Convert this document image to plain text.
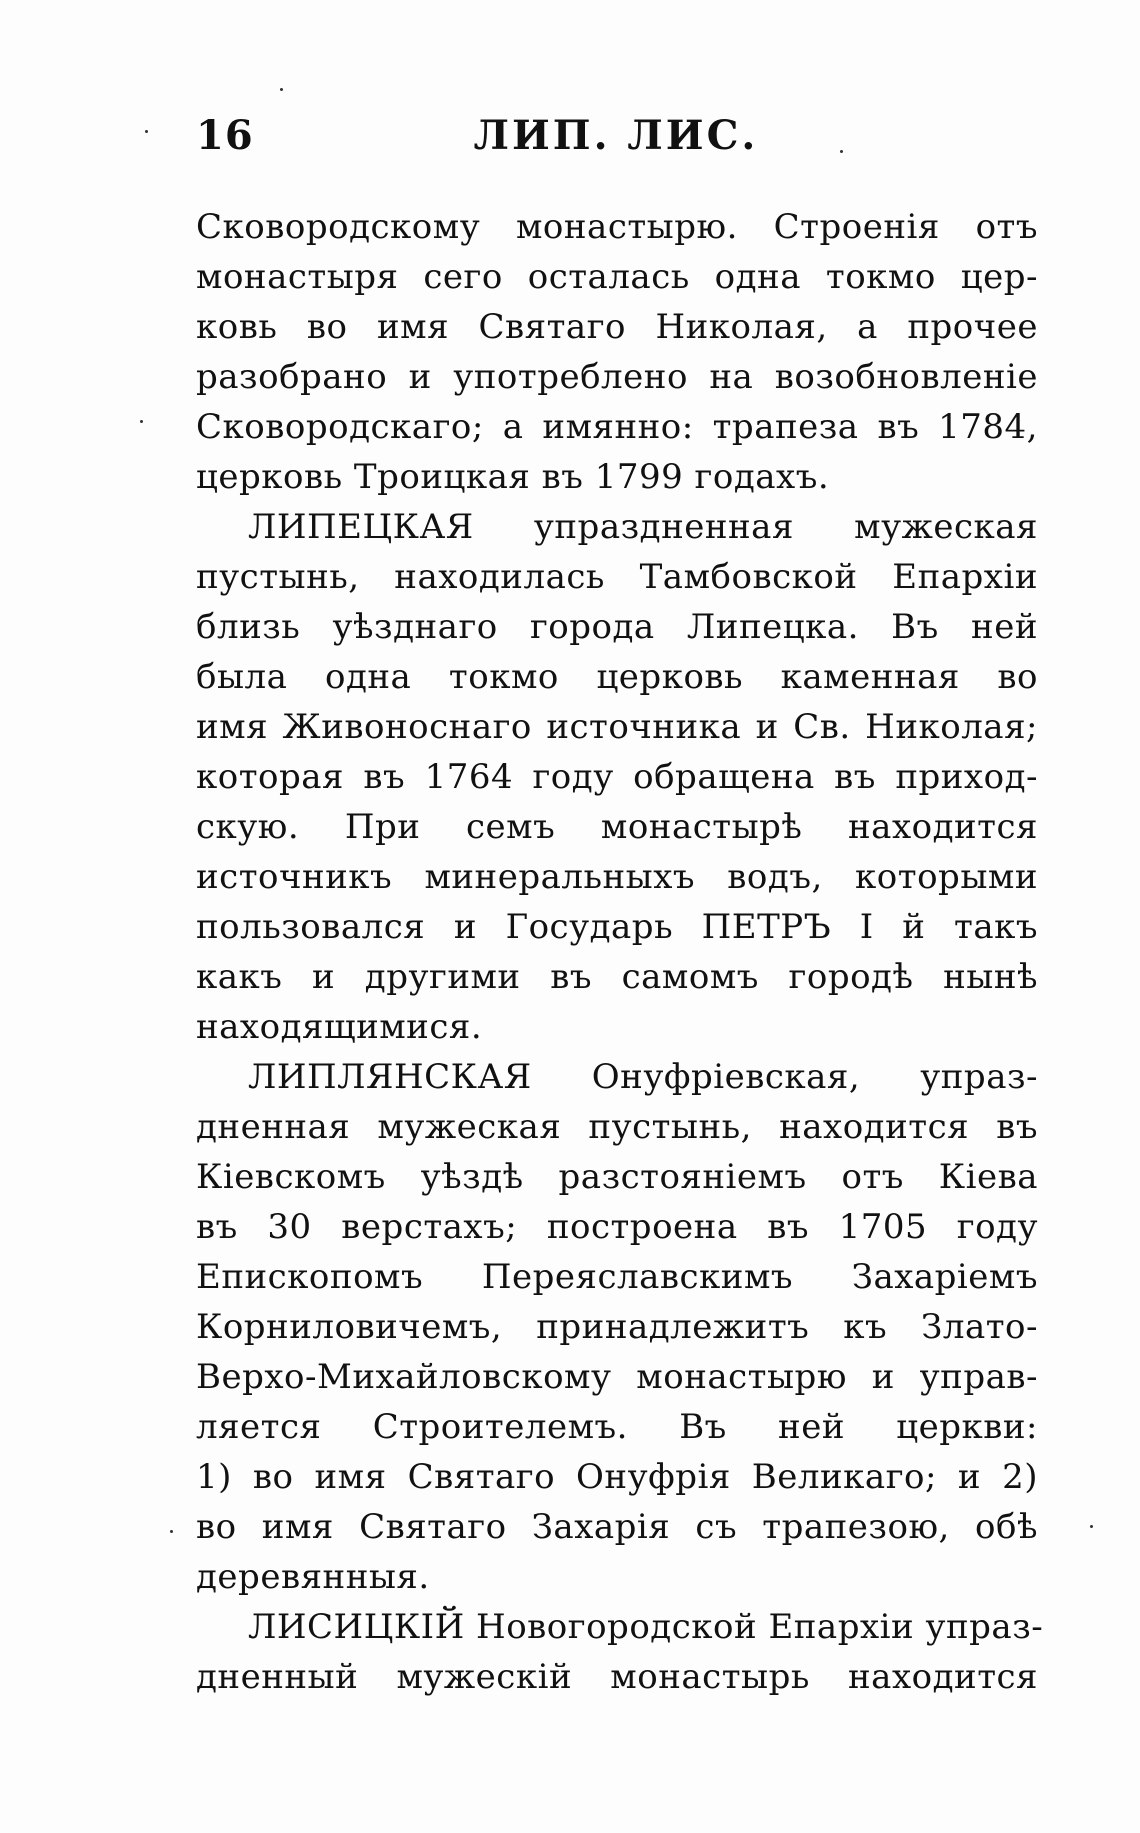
16	ЛИП. ЛИС.
Сковородскому монастырю. Строенія отъ
монастыря сего осталась одна токмо цер-
ковь во имя Святаго Николая, а прочее
разобрано и употреблено на возобновленіе
Сковородскаго; а имянно: трапеза въ 1784,
церковь Троицкая въ 1799 годахъ.
ЛИПЕЦКАЯ упраздненная мужеская
пустынь, находилась Тамбовской Епархіи
близь уѣзднаго города Липецка. Въ ней
была одна токмо церковь каменная во
имя Живоноснаго источника и Св. Николая;
которая въ 1764 году обращена въ приход-
скую. При семъ монастырѣ находится
источникъ минеральныхъ водъ, которыми
пользовался и Государь ПЕТРЪ I й такъ
какъ и другими въ самомъ городѣ нынѣ
находящимися.
ЛИПЛЯНСКАЯ Онуфріевская, упраз-
дненная мужеская пустынь, находится въ
Кіевскомъ уѣздѣ разстояніемъ отъ Кіева
въ 30 верстахъ; построена въ 1705 году
Епископомъ Переяславскимъ Захаріемъ
Корниловичемъ, принадлежитъ къ Злато-
Верхо-Михайловскому монастырю и управ-
ляется Строителемъ. Въ ней церкви:
1) во имя Святаго Онуфрія Великаго; и 2)
во имя Святаго Захарія съ трапезою, обѣ
деревянныя.
ЛИСИЦКІЙ Новогородской Епархіи упраз-
дненный мужескій монастырь находится
